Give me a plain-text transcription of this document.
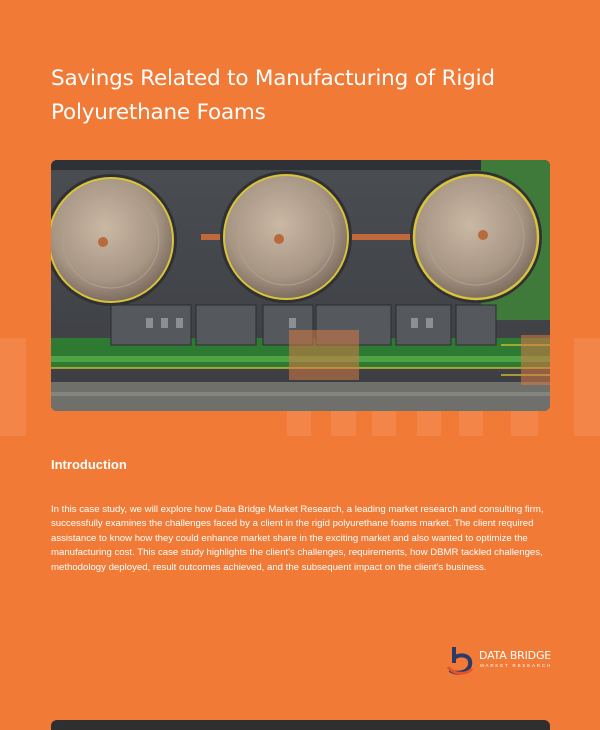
Savings Related to Manufacturing of Rigid Polyurethane Foams
Introduction

In this case study, we will explore how Data Bridge Market Research, a leading market research and consulting firm, successfully examines the challenges faced by a client in the rigid polyurethane foams market. The client required assistance to know how they could enhance market share in the exciting market and also wanted to optimize the manufacturing cost. This case study highlights the client's challenges, requirements, how DBMR tackled challenges, methodology deployed, result outcomes achieved, and the subsequent impact on the client's business.

DATA BRIDGE
MARKET RESEARCH
